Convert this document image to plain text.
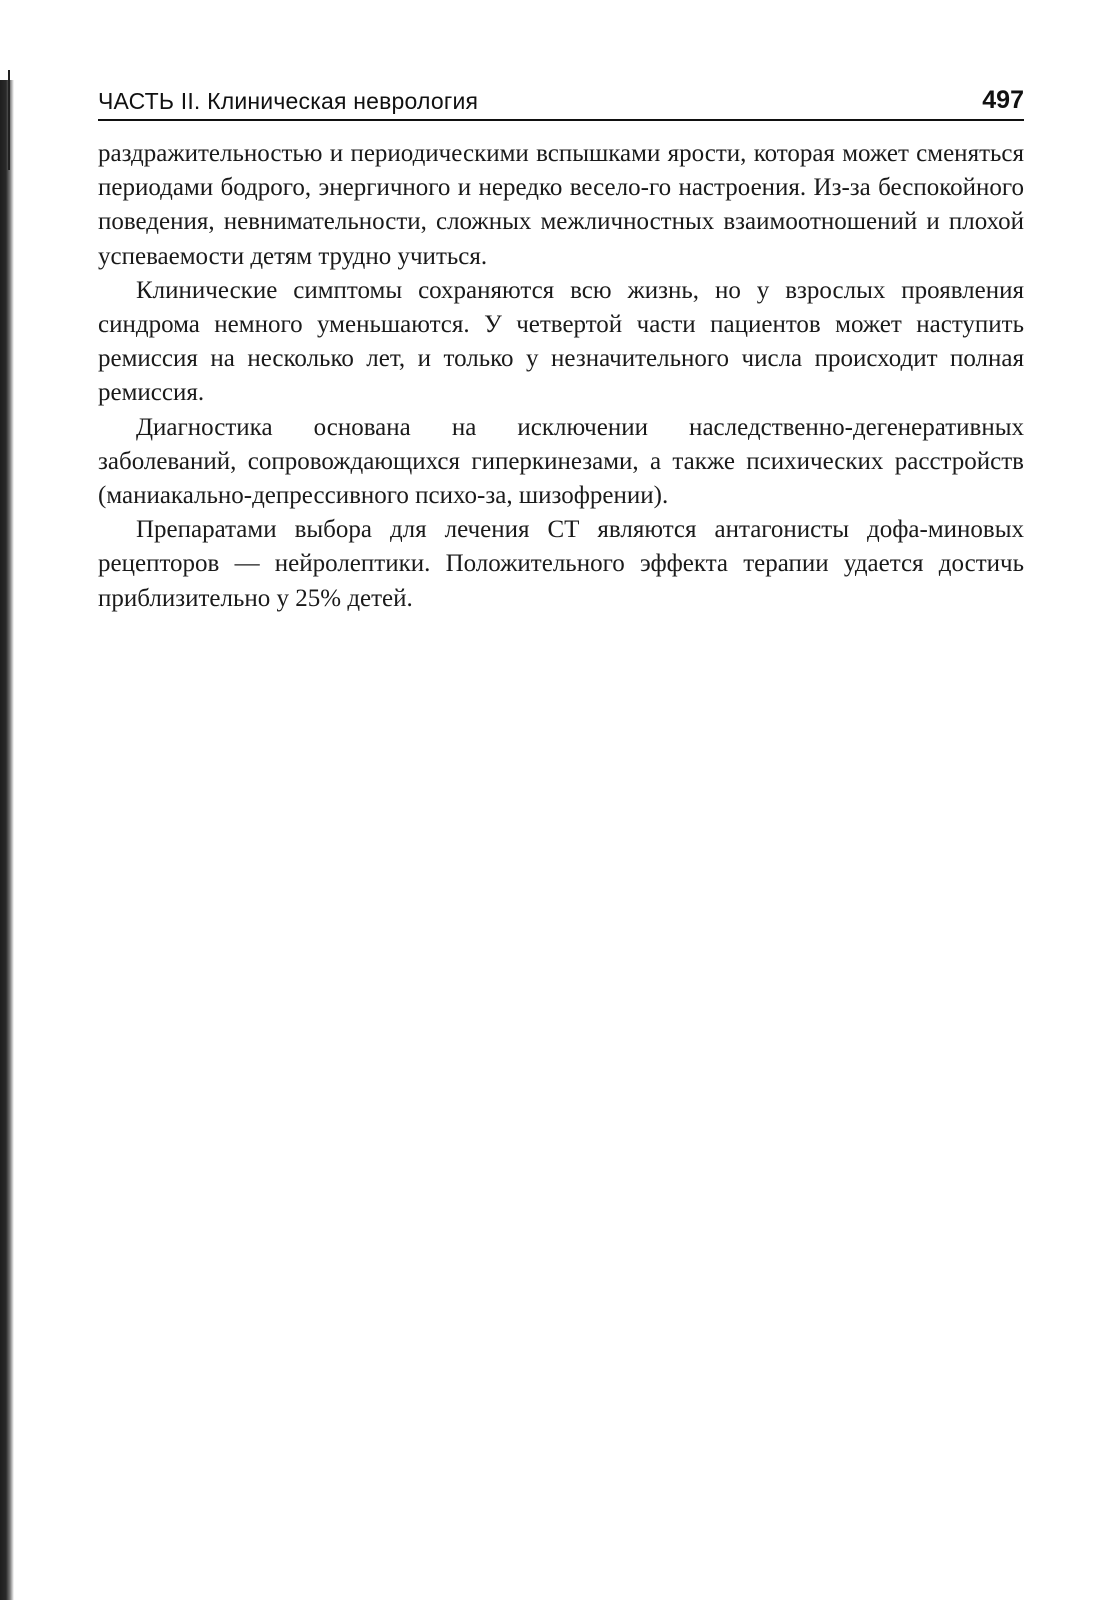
ЧАСТЬ II. Клиническая неврология	497

раздражительностью и периодическими вспышками ярости, которая может сменяться периодами бодрого, энергичного и нередко весело-го настроения. Из-за беспокойного поведения, невнимательности, сложных межличностных взаимоотношений и плохой успеваемости детям трудно учиться.

Клинические симптомы сохраняются всю жизнь, но у взрослых проявления синдрома немного уменьшаются. У четвертой части пациентов может наступить ремиссия на несколько лет, и только у незначительного числа происходит полная ремиссия.

Диагностика основана на исключении наследственно-дегенеративных заболеваний, сопровождающихся гиперкинезами, а также психических расстройств (маниакально-депрессивного психо-за, шизофрении).

Препаратами выбора для лечения СТ являются антагонисты дофа-миновых рецепторов — нейролептики. Положительного эффекта терапии удается достичь приблизительно у 25% детей.
